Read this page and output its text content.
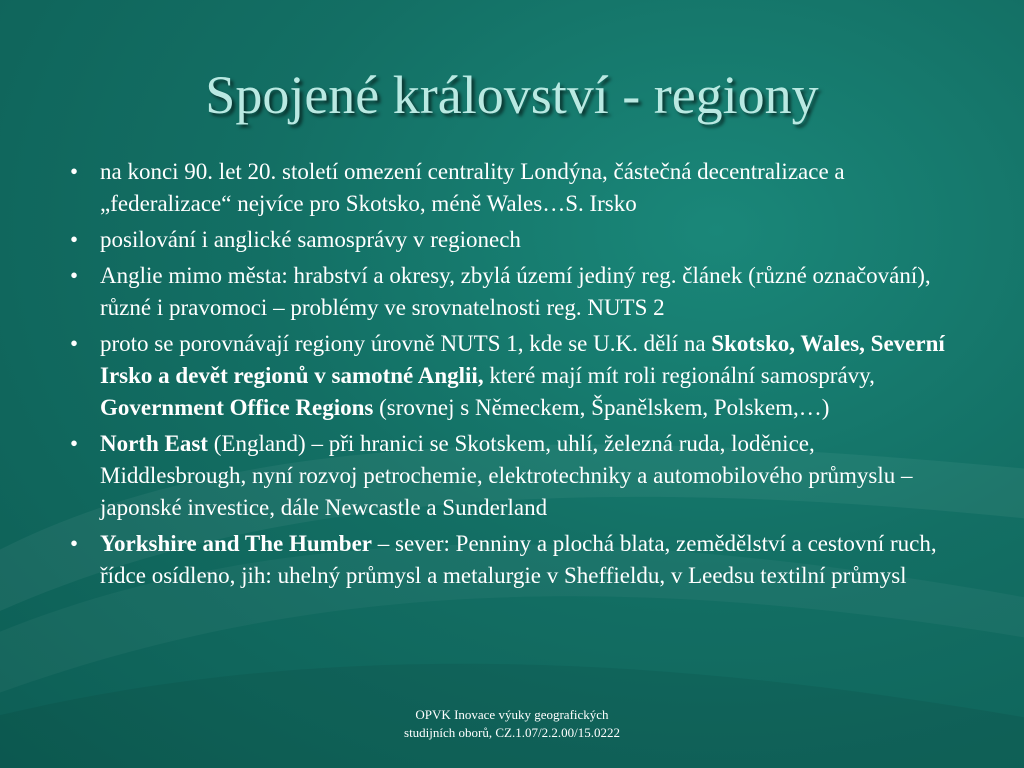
Spojené království - regiony
• na konci 90. let 20. století omezení centrality Londýna, částečná decentralizace a „federalizace“ nejvíce pro Skotsko, méně Wales…S. Irsko
• posilování i anglické samosprávy v regionech
• Anglie mimo města: hrabství a okresy, zbylá území jediný reg. článek (různé označování), různé i pravomoci – problémy ve srovnatelnosti reg. NUTS 2
• proto se porovnávají regiony úrovně NUTS 1, kde se U.K. dělí na Skotsko, Wales, Severní Irsko a devět regionů v samotné Anglii, které mají mít roli regionální samosprávy, Government Office Regions (srovnej s Německem, Španělskem, Polskem,…)
• North East (England) – při hranici se Skotskem, uhlí, železná ruda, loděnice, Middlesbrough, nyní rozvoj petrochemie, elektrotechniky a automobilového průmyslu – japonské investice, dále Newcastle a Sunderland
• Yorkshire and The Humber – sever: Penniny a plochá blata, zemědělství a cestovní ruch, řídce osídleno, jih: uhelný průmysl a metalurgie v Sheffieldu, v Leedsu textilní průmysl
OPVK Inovace výuky geografických
studijních oborů, CZ.1.07/2.2.00/15.0222
